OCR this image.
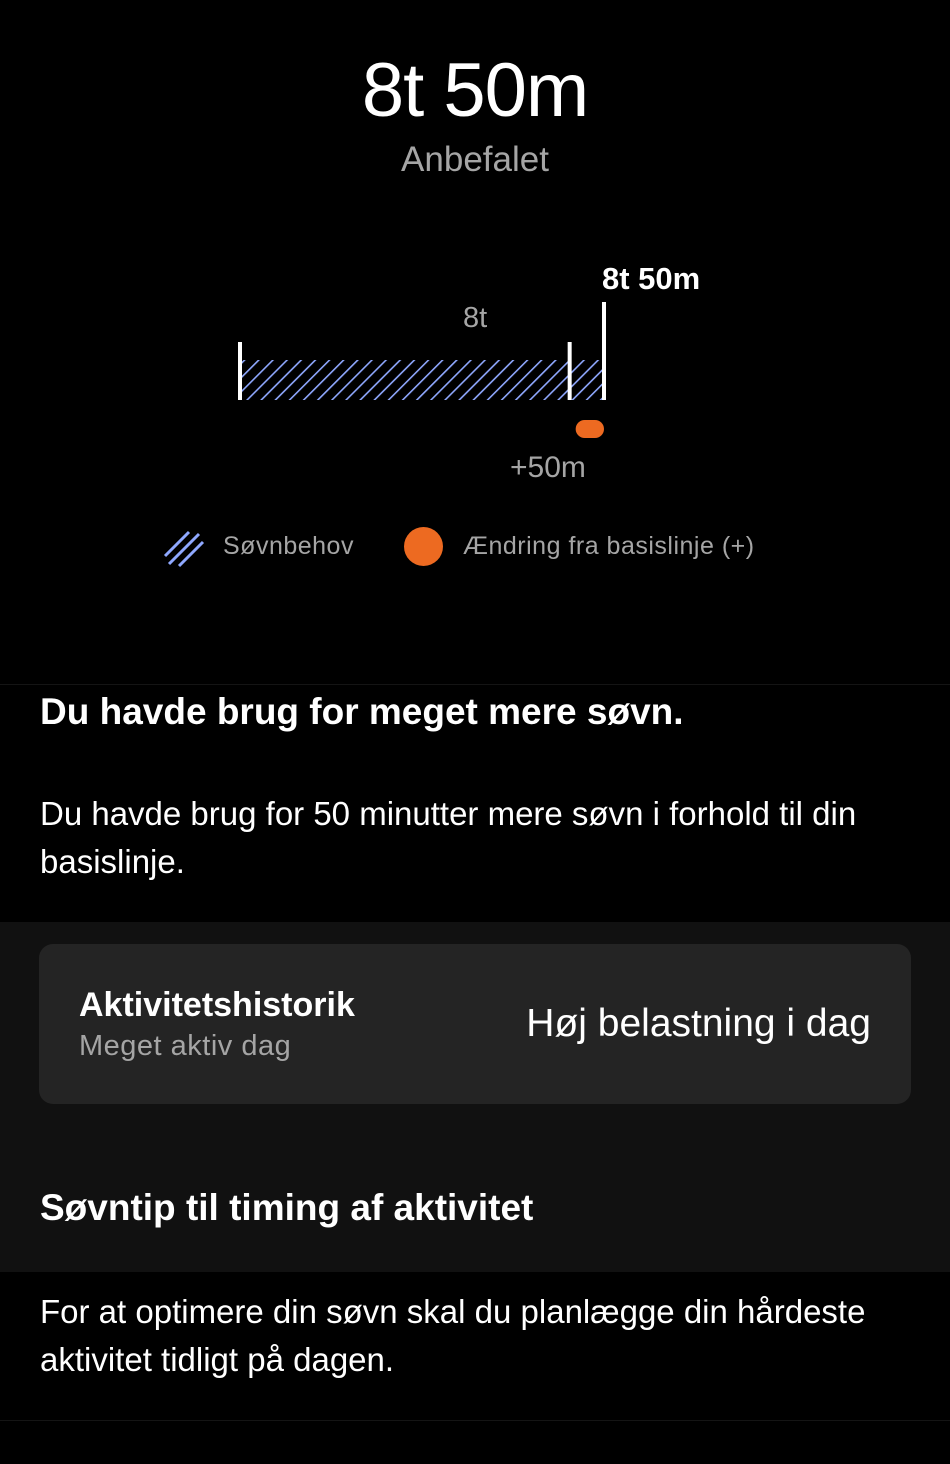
8t 50m
Anbefalet
8t 50m
8t
+50m
Søvnbehov	Ændring fra basislinje (+)
Du havde brug for meget mere søvn.
Du havde brug for 50 minutter mere søvn i forhold til din basislinje.
Aktivitetshistorik
Meget aktiv dag
Høj belastning i dag
Søvntip til timing af aktivitet
For at optimere din søvn skal du planlægge din hårdeste aktivitet tidligt på dagen.
